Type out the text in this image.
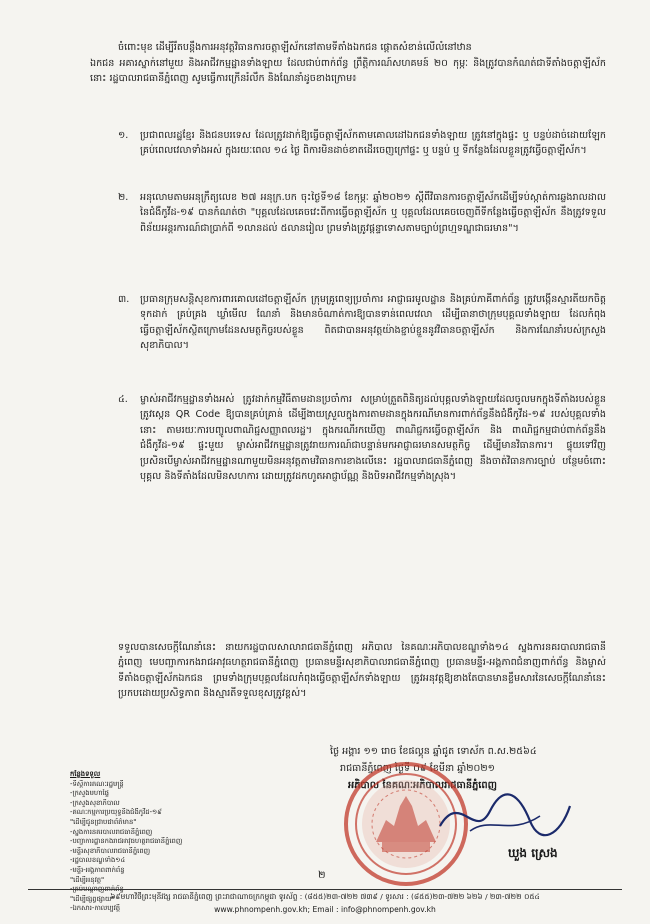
ចំពោះមុខ ដើម្បីរឹតបន្តឹងការអនុវត្តវិធានការចត្តាឡីស័កនៅតាមទីតាំងឯកជន ផ្តោតសំខាន់លើលំនៅឋាន
ឯកជន អគារស្នាក់នៅមួយ និងអាជីវកម្មដ្ឋានទាំងឡាយ ដែលជាប់ពាក់ព័ន្ធ ព្រឹត្តិការណ៍សហគមន៍ ២០ កុម្ភៈ និងត្រូវបានកំណត់ជាទីតាំងចត្តាឡីស័កនោះ រដ្ឋបាលរាជធានីភ្នំពេញ សូមធ្វើការក្រើនរំលឹក និងណែនាំដូចខាងក្រោម៖
១. ប្រជាពលរដ្ឋខ្មែរ និងជនបរទេស ដែលត្រូវដាក់ឱ្យធ្វើចត្តាឡីស័កតាមគោលដៅឯកជនទាំងឡាយ ត្រូវនៅក្នុងផ្ទះ ឬ បន្ទប់ដាច់ដោយឡែកគ្រប់ពេលវេលាទាំងអស់ ក្នុងរយៈពេល ១៤ ថ្ងៃ ពិការមិនដាច់ខាតដើរចេញក្រៅផ្ទះ ឬ បន្ទប់ ឬ ទីកន្លែងដែលខ្លួនត្រូវធ្វើចត្តាឡីស័ក។
២. អនុលោមតាមអនុក្រឹត្យលេខ ២៧ អនុក្រ.បក ចុះថ្ងៃទី១៨ ខែកុម្ភៈ ឆ្នាំ២០២១ ស្តីពីវិធានការចត្តាឡីស័កដើម្បីទប់ស្កាត់ការឆ្លងរាលដាលនៃជំងឺកូវីដ-១៩ បានកំណត់ថា "បុគ្គលដែលគេចវេះពីការធ្វើចត្តាឡីស័ក ឬ បុគ្គលដែលគេចចេញពីទីកន្លែងធ្វើចត្តាឡីស័ក នឹងត្រូវទទួលពិន័យអន្តរការណ៍ជាប្រាក់ពី ១លានដល់ ៥លានរៀល ព្រមទាំងត្រូវផ្តន្ទាទោសតាមច្បាប់ព្រហ្មទណ្ឌជាធរមាន"។
៣. ប្រធានក្រុមសន្តិសុខការពារគោលដៅចត្តាឡីស័ក ក្រុមគ្រូពេទ្យប្រចាំការ អាជ្ញាធរមូលដ្ឋាន និងគ្រប់ភាគីពាក់ព័ន្ធ ត្រូវបង្កើនស្មារតីយកចិត្តទុកដាក់ គ្រប់គ្រង ឃ្លាំមើល ណែនាំ និងមានចំណាត់ការឱ្យបានទាន់ពេលវេលា ដើម្បីធានាថាក្រុមបុគ្គលទាំងឡាយ ដែលកំពុងធ្វើចត្តាឡីស័កស្ថិតក្រោមដែនសមត្ថកិច្ចរបស់ខ្លួន ពិតជាបានអនុវត្តយ៉ាងខ្ជាប់ខ្ជួននូវវិធានចត្តាឡីស័ក និងការណែនាំរបស់ក្រសួងសុខាភិបាល។
៤. ម្ចាស់អាជីវកម្មដ្ឋានទាំងអស់ ត្រូវដាក់កម្មវិធីតាមដានប្រចាំការ សម្រាប់ត្រួតពិនិត្យដល់បុគ្គលទាំងឡាយដែលចូលមកក្នុងទីតាំងរបស់ខ្លួន ត្រូវស្កេន QR Code ឱ្យបានគ្រប់គ្រាន់ ដើម្បីងាយស្រួលក្នុងការតាមដានក្នុងករណីមានការពាក់ព័ន្ធនឹងជំងឺកូវីដ-១៩ របស់បុគ្គលទាំងនោះ តាមរយៈការបញ្ចូលពាណិជ្ជសញ្ញាពលរដ្ឋ។ ក្នុងករណីរកឃើញ ពាណិជ្ជករធ្វើចត្តាឡីស័ក និង ពាណិជ្ជកម្មជាប់ពាក់ព័ន្ធនឹងជំងឺកូវីដ-១៩ ផ្ទះមួយ ម្ចាស់អាជីវកម្មដ្ឋានត្រូវរាយការណ៍ជាបន្ទាន់មកអាជ្ញាធរមានសមត្ថកិច្ច ដើម្បីមានវិធានការ។ ផ្ទុយទៅវិញ ប្រសិនបើម្ចាស់អាជីវកម្មដ្ឋានណាមួយមិនអនុវត្តតាមវិធានការខាងលើនេះ រដ្ឋបាលរាជធានីភ្នំពេញ នឹងចាត់វិធានការច្បាប់ បន្ថែមចំពោះបុគ្គល និងទីតាំងដែលមិនសហការ ដោយត្រូវដកហូតអាជ្ញាប័ណ្ណ និងបិទអាជីវកម្មទាំងស្រុង។
ទទួលបានសេចក្តីណែនាំនេះ នាយករដ្ឋបាលសាលារាជធានីភ្នំពេញ អភិបាល នៃគណៈអភិបាលខណ្ឌទាំង១៤ ស្នងការនគរបាលរាជធានីភ្នំពេញ មេបញ្ជាការកងរាជអាវុធហត្ថរាជធានីភ្នំពេញ ប្រធានមន្ទីរសុខាភិបាលរាជធានីភ្នំពេញ ប្រធានមន្ទីរ-អង្គភាពជំនាញពាក់ព័ន្ធ និងម្ចាស់ទីតាំងចត្តាឡីស័កឯកជន ព្រមទាំងក្រុមបុគ្គលដែលកំពុងធ្វើចត្តាឡីស័កទាំងឡាយ ត្រូវអនុវត្តឱ្យខាងតែបានមានខ្លឹមសារនៃសេចក្តីណែនាំនេះ ប្រកបដោយប្រសិទ្ធភាព និងស្មារតីទទួលខុសត្រូវខ្ពស់។
ថ្ងៃ អង្គារ ១១ រោច ខែផល្គុន ឆ្នាំជូត ទោស័ក ព.ស.២៥៦៤
រាជធានីភ្នំពេញ ថ្ងៃទី ០៩ ខែមីនា ឆ្នាំ២០២១
អភិបាល នៃគណៈអភិបាលរាជធានីភ្នំពេញ
ឃួង ស្រេង
កន្លែងទទួល
-ទីស្តីការគណៈរដ្ឋមន្ត្រី
-ក្រសួងមហាផ្ទៃ
-ក្រសួងសុខាភិបាល
-គណៈកម្មការប្រយុទ្ធនឹងជំងឺកូវីដ-១៩
"ដើម្បីជូនជ្រាបជាព័ត៌មាន"
-ស្នងការនគរបាលរាជធានីភ្នំពេញ
-បញ្ជាការដ្ឋានកងរាជអាវុធហត្ថរាជធានីភ្នំពេញ
-មន្ទីរសុខាភិបាលរាជធានីភ្នំពេញ
-រដ្ឋបាលខណ្ឌទាំង១៤
-មន្ទីរ-អង្គភាពពាក់ព័ន្ធ
"ដើម្បីអនុវត្ត"
-គ្រប់បណ្តាញពាក់ព័ន្ធ
"ដើម្បីផ្សព្វផ្សាយ"
-ឯកសារ-កាលប្បវត្តិ
២
៦៩មហាវិថីព្រះមុនីវង្ស រាជធានីភ្នំពេញ ព្រះរាជាណាចក្រកម្ពុជា ទូរស័ព្ទ : (៨៥៥)២៣-៧២២ ៧៣៩ / ទូរសារ : (៨៥៥)២៣-៧២២ ៦២៦ / ២៣-៧២២ ០៥៤
www.phnompenh.gov.kh; Email : info@phnompenh.gov.kh
